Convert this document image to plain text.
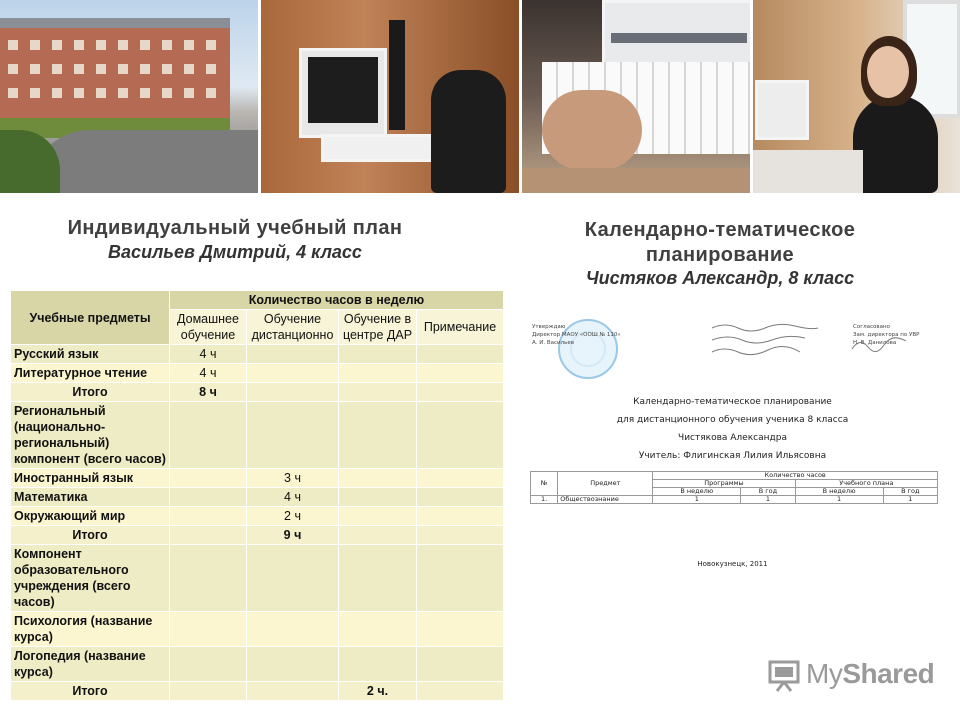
Индивидуальный учебный план
Васильев Дмитрий, 4 класс
Календарно-тематическое
планирование
Чистяков Александр, 8 класс
Учебные предметы	Количество часов в неделю			
	Домашнее обучение	Обучение дистанционно	Обучение в центре ДАР	Примечание
Русский язык	4 ч			
Литературное чтение	4 ч			
Итого	8 ч			
Региональный (национально-региональный) компонент (всего часов)				
Иностранный язык		3 ч		
Математика		4 ч		
Окружающий мир		2 ч		
Итого		9 ч		
Компонент образовательного учреждения (всего часов)				
Психология (название курса)				
Логопедия (название курса)				
Итого			2 ч.	
Утверждаю
Директор МАОУ «ООШ № 110»
А. И. Васильев
Согласовано
Зам. директора по УВР
Н. В. Данилова
Календарно-тематическое планирование
для дистанционного обучения ученика 8 класса
Чистякова Александра
Учитель: Флигинская Лилия Ильясовна
№	Предмет	Количество часов			
		Программы		Учебного плана	
		В неделю	В год	В неделю	В год
1.	Обществознание	1	1	1	1
Новокузнецк, 2011
MyShared
